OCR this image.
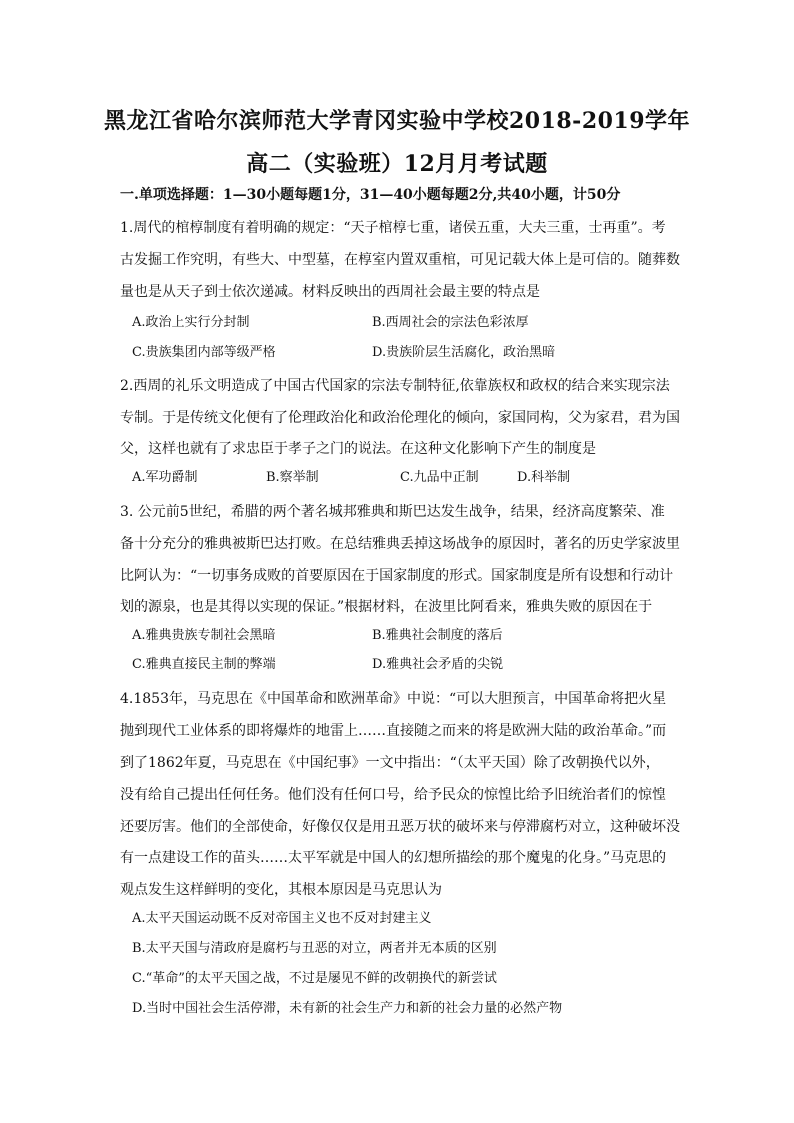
黑龙江省哈尔滨师范大学青冈实验中学校2018-2019学年
高二（实验班）12月月考试题
一.单项选择题：1—30小题每题1分，31—40小题每题2分,共40小题，计50分
1.周代的棺椁制度有着明确的规定：“天子棺椁七重，诸侯五重，大夫三重，士再重”。考
古发掘工作究明，有些大、中型墓，在椁室内置双重棺，可见记载大体上是可信的。随葬数
量也是从天子到士依次递减。材料反映出的西周社会最主要的特点是
A.政治上实行分封制	B.西周社会的宗法色彩浓厚
C.贵族集团内部等级严格	D.贵族阶层生活腐化，政治黑暗
2.西周的礼乐文明造成了中国古代国家的宗法专制特征,依靠族权和政权的结合来实现宗法
专制。于是传统文化便有了伦理政治化和政治伦理化的倾向，家国同构，父为家君，君为国
父，这样也就有了求忠臣于孝子之门的说法。在这种文化影响下产生的制度是
A.军功爵制	B.察举制	C.九品中正制	D.科举制
3. 公元前5世纪，希腊的两个著名城邦雅典和斯巴达发生战争，结果，经济高度繁荣、准
备十分充分的雅典被斯巴达打败。在总结雅典丢掉这场战争的原因时，著名的历史学家波里
比阿认为：“一切事务成败的首要原因在于国家制度的形式。国家制度是所有设想和行动计
划的源泉，也是其得以实现的保证。”根据材料，在波里比阿看来，雅典失败的原因在于
A.雅典贵族专制社会黑暗	B.雅典社会制度的落后
C.雅典直接民主制的弊端	D.雅典社会矛盾的尖锐
4.1853年，马克思在《中国革命和欧洲革命》中说：“可以大胆预言，中国革命将把火星
抛到现代工业体系的即将爆炸的地雷上……直接随之而来的将是欧洲大陆的政治革命。”而
到了1862年夏，马克思在《中国纪事》一文中指出：“（太平天国）除了改朝换代以外，
没有给自己提出任何任务。他们没有任何口号，给予民众的惊惶比给予旧统治者们的惊惶
还要厉害。他们的全部使命，好像仅仅是用丑恶万状的破坏来与停滞腐朽对立，这种破坏没
有一点建设工作的苗头……太平军就是中国人的幻想所描绘的那个魔鬼的化身。”马克思的
观点发生这样鲜明的变化，其根本原因是马克思认为
A.太平天国运动既不反对帝国主义也不反对封建主义
B.太平天国与清政府是腐朽与丑恶的对立，两者并无本质的区别
C.“革命”的太平天国之战，不过是屡见不鲜的改朝换代的新尝试
D.当时中国社会生活停滞，未有新的社会生产力和新的社会力量的必然产物
